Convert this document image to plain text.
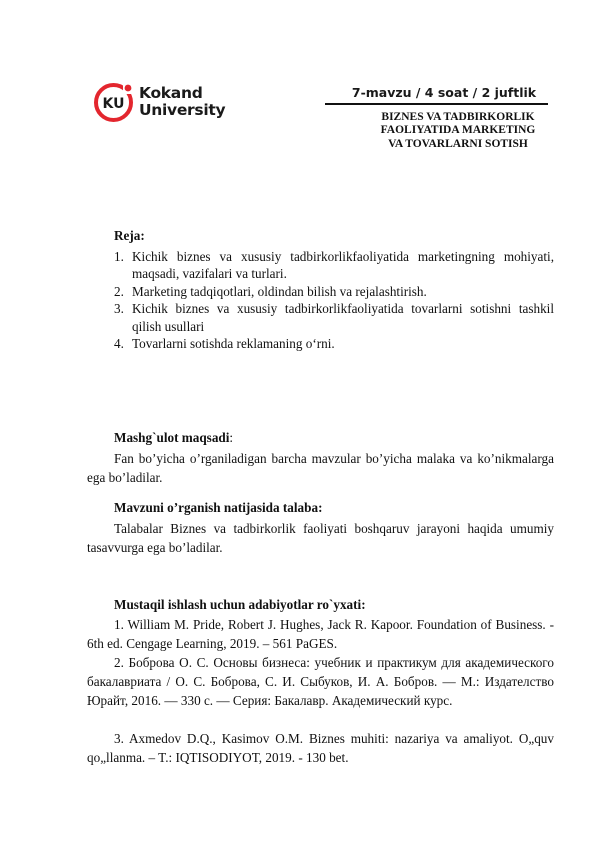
KU
Kokand
University
7-mavzu / 4 soat / 2 juftlik
BIZNES VA TADBIRKORLIK
FAOLIYATIDA MARKETING
VA TOVARLARNI SOTISH
Reja:
1. Kichik biznes va xususiy tadbirkorlikfaoliyatida marketingning mohiyati, maqsadi, vazifalari va turlari.
2. Marketing tadqiqotlari, oldindan bilish va rejalashtirish.
3. Kichik biznes va xususiy tadbirkorlikfaoliyatida tovarlarni sotishni tashkil qilish usullari
4. Tovarlarni sotishda reklamaning o‘rni.
Mashg`ulot maqsadi:
Fan bo’yicha o’rganiladigan barcha mavzular bo’yicha malaka va ko’nikmalarga ega bo’ladilar.
Mavzuni o’rganish natijasida talaba:
Talabalar Biznes va tadbirkorlik faoliyati boshqaruv jarayoni haqida umumiy tasavvurga ega bo’ladilar.
Mustaqil ishlash uchun adabiyotlar ro`yxati:
1. William M. Pride, Robert J. Hughes, Jack R. Kapoor. Foundation of Business. - 6th ed. Cengage Learning, 2019. – 561 PaGES.
2. Боброва О. С. Основы бизнеса: учебник и практикум для академического бакалавриата / О. С. Боброва, С. И. Сыбуков, И. А. Бобров. — М.: Издателство Юрайт, 2016. — 330 с. — Серия: Бакалавр. Академический курс.
3. Axmedov D.Q., Kasimov O.M. Biznes muhiti: nazariya va amaliyot. O„quv qo„llanma. – T.: IQTISODIYOT, 2019. - 130 bet.
